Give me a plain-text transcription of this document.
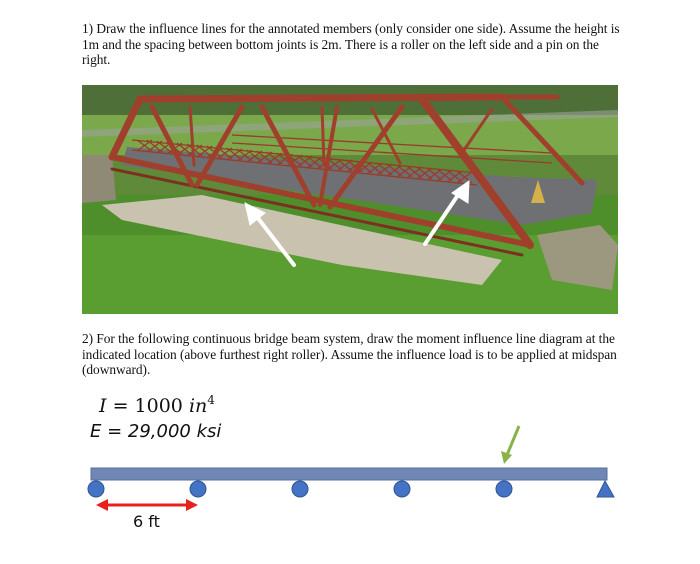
1) Draw the influence lines for the annotated members (only consider one side). Assume the height is 1m and the spacing between bottom joints is 2m. There is a roller on the left side and a pin on the right.
2) For the following continuous bridge beam system, draw the moment influence line diagram at the indicated location (above furthest right roller). Assume the influence load is to be applied at midspan (downward).
I = 1000 $in^4$
E = 29,000 ksi
6 ft
